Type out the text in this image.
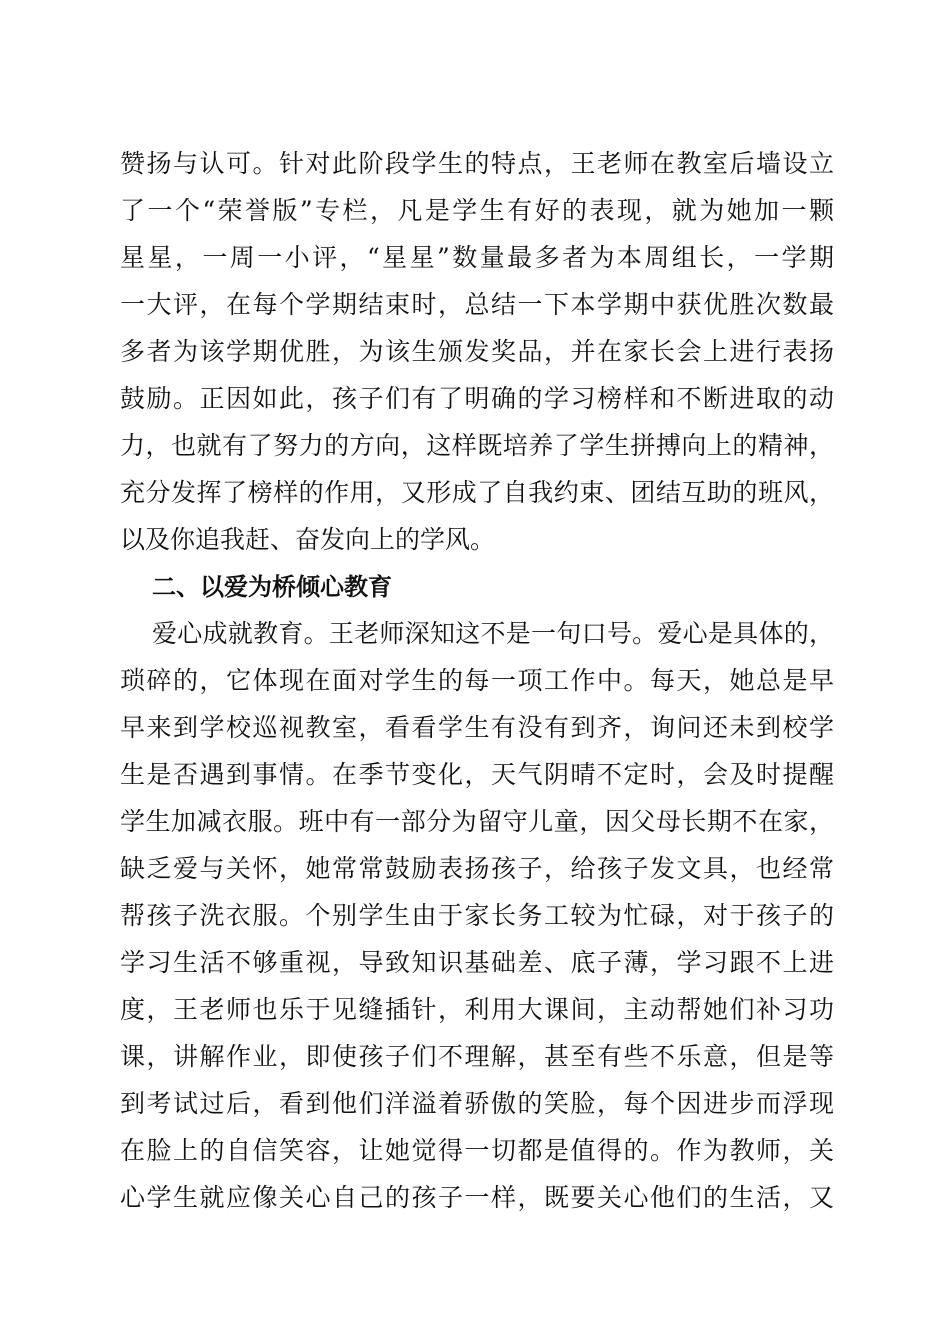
赞扬与认可。针对此阶段学生的特点，王老师在教室后墙设立
了一个“荣誉版”专栏，凡是学生有好的表现，就为她加一颗
星星，一周一小评，“星星”数量最多者为本周组长，一学期
一大评，在每个学期结束时，总结一下本学期中获优胜次数最
多者为该学期优胜，为该生颁发奖品，并在家长会上进行表扬
鼓励。正因如此，孩子们有了明确的学习榜样和不断进取的动
力，也就有了努力的方向，这样既培养了学生拼搏向上的精神，
充分发挥了榜样的作用，又形成了自我约束、团结互助的班风，
以及你追我赶、奋发向上的学风。
二、以爱为桥倾心教育
爱心成就教育。王老师深知这不是一句口号。爱心是具体的，
琐碎的，它体现在面对学生的每一项工作中。每天，她总是早
早来到学校巡视教室，看看学生有没有到齐，询问还未到校学
生是否遇到事情。在季节变化，天气阴晴不定时，会及时提醒
学生加减衣服。班中有一部分为留守儿童，因父母长期不在家，
缺乏爱与关怀，她常常鼓励表扬孩子，给孩子发文具，也经常
帮孩子洗衣服。个别学生由于家长务工较为忙碌，对于孩子的
学习生活不够重视，导致知识基础差、底子薄，学习跟不上进
度，王老师也乐于见缝插针，利用大课间，主动帮她们补习功
课，讲解作业，即使孩子们不理解，甚至有些不乐意，但是等
到考试过后，看到他们洋溢着骄傲的笑脸，每个因进步而浮现
在脸上的自信笑容，让她觉得一切都是值得的。作为教师，关
心学生就应像关心自己的孩子一样，既要关心他们的生活，又
